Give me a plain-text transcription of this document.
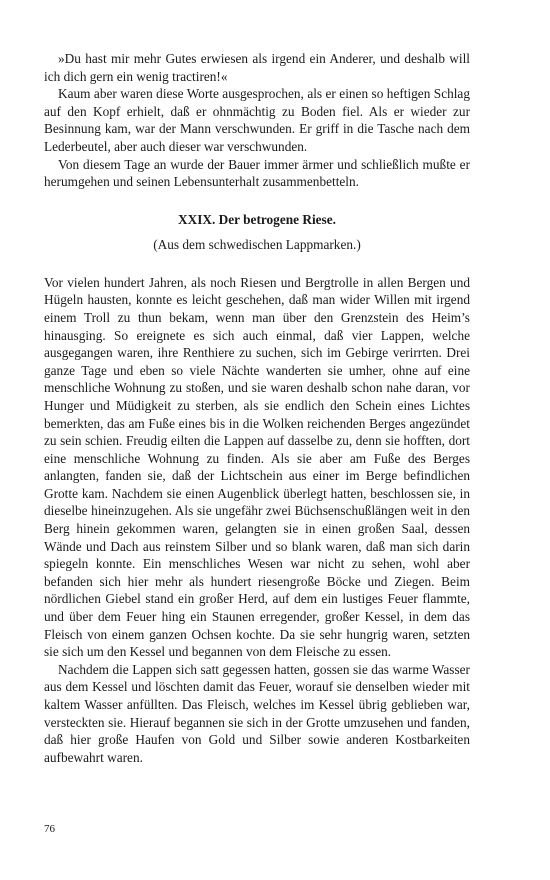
»Du hast mir mehr Gutes erwiesen als irgend ein Anderer, und deshalb will ich dich gern ein wenig tractiren!«

Kaum aber waren diese Worte ausgesprochen, als er einen so heftigen Schlag auf den Kopf erhielt, daß er ohnmächtig zu Boden fiel. Als er wieder zur Besinnung kam, war der Mann verschwunden. Er griff in die Tasche nach dem Lederbeutel, aber auch dieser war verschwunden.

Von diesem Tage an wurde der Bauer immer ärmer und schließlich mußte er herumgehen und seinen Lebensunterhalt zusammenbetteln.

XXIX. Der betrogene Riese.
(Aus dem schwedischen Lappmarken.)

Vor vielen hundert Jahren, als noch Riesen und Bergtrolle in allen Bergen und Hügeln hausten, konnte es leicht geschehen, daß man wider Willen mit irgend einem Troll zu thun bekam, wenn man über den Grenzstein des Heim’s hinausging. So ereignete es sich auch einmal, daß vier Lappen, welche ausgegangen waren, ihre Renthiere zu suchen, sich im Gebirge verirrten. Drei ganze Tage und eben so viele Nächte wanderten sie umher, ohne auf eine menschliche Wohnung zu stoßen, und sie waren deshalb schon nahe daran, vor Hunger und Müdigkeit zu sterben, als sie endlich den Schein eines Lichtes bemerkten, das am Fuße eines bis in die Wolken reichenden Berges angezündet zu sein schien. Freudig eilten die Lappen auf dasselbe zu, denn sie hofften, dort eine menschliche Wohnung zu finden. Als sie aber am Fuße des Berges anlangten, fanden sie, daß der Lichtschein aus einer im Berge befindlichen Grotte kam. Nachdem sie einen Augenblick überlegt hatten, beschlossen sie, in dieselbe hineinzugehen. Als sie ungefähr zwei Büchsenschußlängen weit in den Berg hinein gekommen waren, gelangten sie in einen großen Saal, dessen Wände und Dach aus reinstem Silber und so blank waren, daß man sich darin spiegeln konnte. Ein menschliches Wesen war nicht zu sehen, wohl aber befanden sich hier mehr als hundert riesengroße Böcke und Ziegen. Beim nördlichen Giebel stand ein großer Herd, auf dem ein lustiges Feuer flammte, und über dem Feuer hing ein Staunen erregender, großer Kessel, in dem das Fleisch von einem ganzen Ochsen kochte. Da sie sehr hungrig waren, setzten sie sich um den Kessel und begannen von dem Fleische zu essen.

Nachdem die Lappen sich satt gegessen hatten, gossen sie das warme Wasser aus dem Kessel und löschten damit das Feuer, worauf sie denselben wieder mit kaltem Wasser anfüllten. Das Fleisch, welches im Kessel übrig geblieben war, versteckten sie. Hierauf begannen sie sich in der Grotte umzusehen und fanden, daß hier große Haufen von Gold und Silber sowie anderen Kostbarkeiten aufbewahrt waren.

76
